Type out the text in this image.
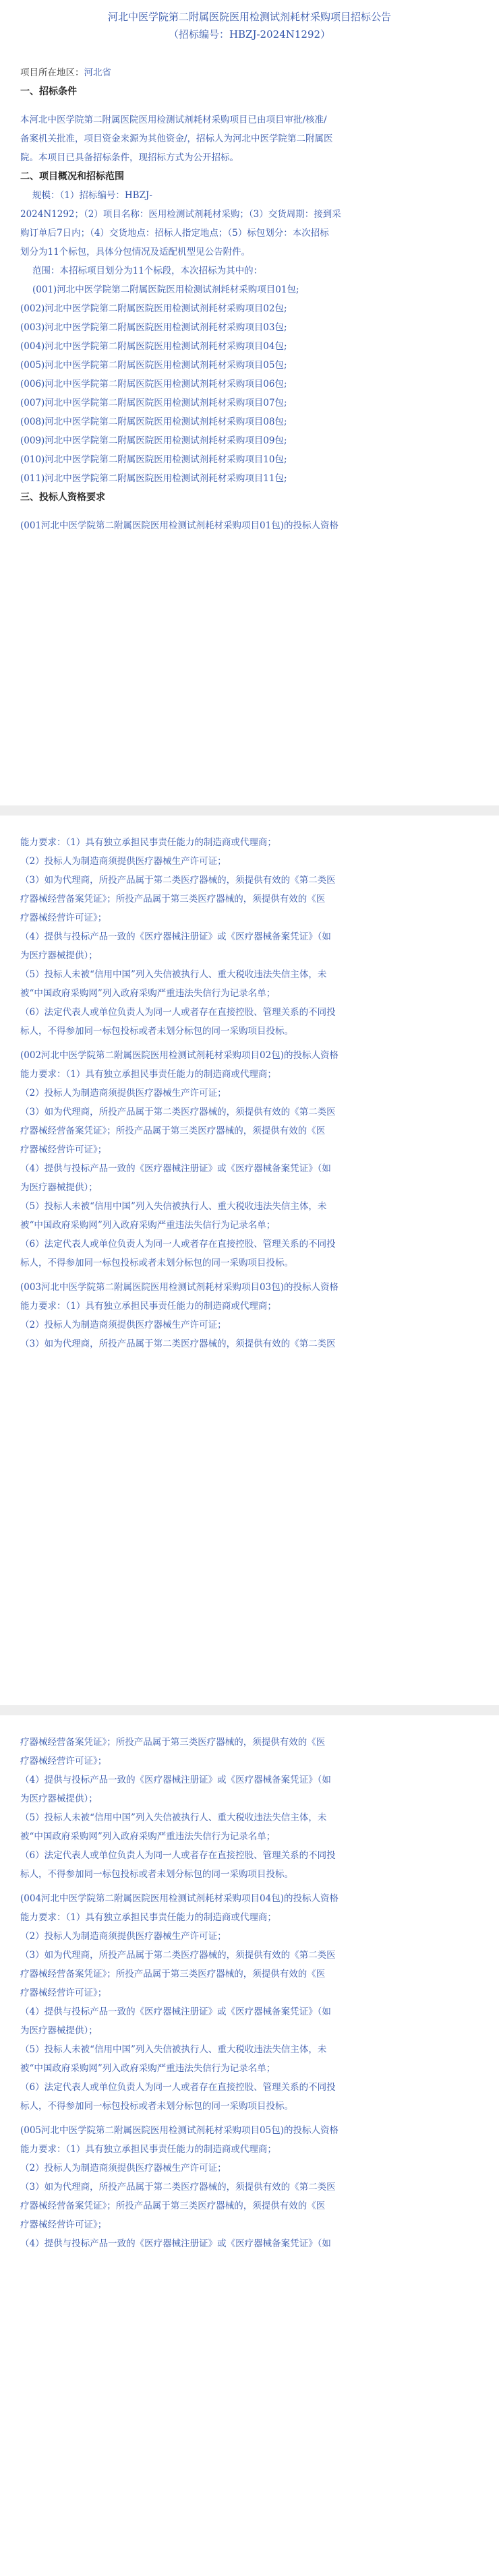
河北中医学院第二附属医院医用检测试剂耗材采购项目招标公告
（招标编号：HBZJ-2024N1292）
项目所在地区：河北省
一、招标条件
本河北中医学院第二附属医院医用检测试剂耗材采购项目已由项目审批/核准/
备案机关批准，项目资金来源为其他资金/，招标人为河北中医学院第二附属医
院。本项目已具备招标条件，现招标方式为公开招标。
二、项目概况和招标范围
规模：（1）招标编号：HBZJ-
2024N1292；（2）项目名称：医用检测试剂耗材采购；（3）交货周期：接到采
购订单后7日内；（4）交货地点：招标人指定地点；（5）标包划分：本次招标
划分为11个标包，具体分包情况及适配机型见公告附件。
范围：本招标项目划分为11个标段，本次招标为其中的：
(001)河北中医学院第二附属医院医用检测试剂耗材采购项目01包;
(002)河北中医学院第二附属医院医用检测试剂耗材采购项目02包;
(003)河北中医学院第二附属医院医用检测试剂耗材采购项目03包;
(004)河北中医学院第二附属医院医用检测试剂耗材采购项目04包;
(005)河北中医学院第二附属医院医用检测试剂耗材采购项目05包;
(006)河北中医学院第二附属医院医用检测试剂耗材采购项目06包;
(007)河北中医学院第二附属医院医用检测试剂耗材采购项目07包;
(008)河北中医学院第二附属医院医用检测试剂耗材采购项目08包;
(009)河北中医学院第二附属医院医用检测试剂耗材采购项目09包;
(010)河北中医学院第二附属医院医用检测试剂耗材采购项目10包;
(011)河北中医学院第二附属医院医用检测试剂耗材采购项目11包;
三、投标人资格要求
(001河北中医学院第二附属医院医用检测试剂耗材采购项目01包)的投标人资格
能力要求：（1）具有独立承担民事责任能力的制造商或代理商；
（2）投标人为制造商须提供医疗器械生产许可证；
（3）如为代理商，所投产品属于第二类医疗器械的，须提供有效的《第二类医
疗器械经营备案凭证》；所投产品属于第三类医疗器械的，须提供有效的《医
疗器械经营许可证》；
（4）提供与投标产品一致的《医疗器械注册证》或《医疗器械备案凭证》（如
为医疗器械提供）；
（5）投标人未被“信用中国”列入失信被执行人、重大税收违法失信主体，未
被“中国政府采购网”列入政府采购严重违法失信行为记录名单；
（6）法定代表人或单位负责人为同一人或者存在直接控股、管理关系的不同投
标人，不得参加同一标包投标或者未划分标包的同一采购项目投标。
(002河北中医学院第二附属医院医用检测试剂耗材采购项目02包)的投标人资格
能力要求：（1）具有独立承担民事责任能力的制造商或代理商；
（2）投标人为制造商须提供医疗器械生产许可证；
（3）如为代理商，所投产品属于第二类医疗器械的，须提供有效的《第二类医
疗器械经营备案凭证》；所投产品属于第三类医疗器械的，须提供有效的《医
疗器械经营许可证》；
（4）提供与投标产品一致的《医疗器械注册证》或《医疗器械备案凭证》（如
为医疗器械提供）；
（5）投标人未被“信用中国”列入失信被执行人、重大税收违法失信主体，未
被“中国政府采购网”列入政府采购严重违法失信行为记录名单；
（6）法定代表人或单位负责人为同一人或者存在直接控股、管理关系的不同投
标人，不得参加同一标包投标或者未划分标包的同一采购项目投标。
(003河北中医学院第二附属医院医用检测试剂耗材采购项目03包)的投标人资格
能力要求：（1）具有独立承担民事责任能力的制造商或代理商；
（2）投标人为制造商须提供医疗器械生产许可证；
（3）如为代理商，所投产品属于第二类医疗器械的，须提供有效的《第二类医
疗器械经营备案凭证》；所投产品属于第三类医疗器械的，须提供有效的《医
疗器械经营许可证》；
（4）提供与投标产品一致的《医疗器械注册证》或《医疗器械备案凭证》（如
为医疗器械提供）；
（5）投标人未被“信用中国”列入失信被执行人、重大税收违法失信主体，未
被“中国政府采购网”列入政府采购严重违法失信行为记录名单；
（6）法定代表人或单位负责人为同一人或者存在直接控股、管理关系的不同投
标人，不得参加同一标包投标或者未划分标包的同一采购项目投标。
(004河北中医学院第二附属医院医用检测试剂耗材采购项目04包)的投标人资格
能力要求：（1）具有独立承担民事责任能力的制造商或代理商；
（2）投标人为制造商须提供医疗器械生产许可证；
（3）如为代理商，所投产品属于第二类医疗器械的，须提供有效的《第二类医
疗器械经营备案凭证》；所投产品属于第三类医疗器械的，须提供有效的《医
疗器械经营许可证》；
（4）提供与投标产品一致的《医疗器械注册证》或《医疗器械备案凭证》（如
为医疗器械提供）；
（5）投标人未被“信用中国”列入失信被执行人、重大税收违法失信主体，未
被“中国政府采购网”列入政府采购严重违法失信行为记录名单；
（6）法定代表人或单位负责人为同一人或者存在直接控股、管理关系的不同投
标人，不得参加同一标包投标或者未划分标包的同一采购项目投标。
(005河北中医学院第二附属医院医用检测试剂耗材采购项目05包)的投标人资格
能力要求：（1）具有独立承担民事责任能力的制造商或代理商；
（2）投标人为制造商须提供医疗器械生产许可证；
（3）如为代理商，所投产品属于第二类医疗器械的，须提供有效的《第二类医
疗器械经营备案凭证》；所投产品属于第三类医疗器械的，须提供有效的《医
疗器械经营许可证》；
（4）提供与投标产品一致的《医疗器械注册证》或《医疗器械备案凭证》（如
